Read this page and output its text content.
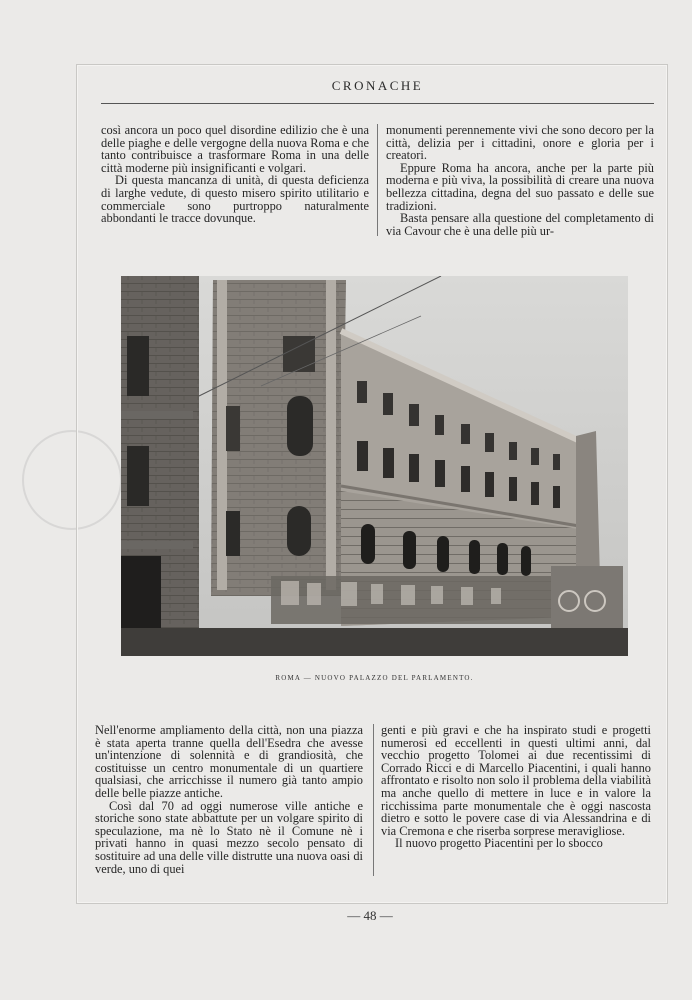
CRONACHE

così ancora un poco quel disordine edilizio che è una delle piaghe e delle vergogne della nuova Roma e che tanto contribuisce a trasformare Roma in una delle città moderne più insignificanti e volgari.

Di questa mancanza di unità, di questa deficienza di larghe vedute, di questo misero spirito utilitario e commerciale sono purtroppo naturalmente abbondanti le tracce dovunque.

monumenti perennemente vivi che sono decoro per la città, delizia per i cittadini, onore e gloria per i creatori.

Eppure Roma ha ancora, anche per la parte più moderna e più viva, la possibilità di creare una nuova bellezza cittadina, degna del suo passato e delle sue tradizioni.

Basta pensare alla questione del completamento di via Cavour che è una delle più ur-

ROMA — NUOVO PALAZZO DEL PARLAMENTO.

Nell'enorme ampliamento della città, non una piazza è stata aperta tranne quella dell'Esedra che avesse un'intenzione di solennità e di grandiosità, che costituisse un centro monumentale di un quartiere qualsiasi, che arricchisse il numero già tanto ampio delle belle piazze antiche.

Così dal 70 ad oggi numerose ville antiche e storiche sono state abbattute per un volgare spirito di speculazione, ma nè lo Stato nè il Comune nè i privati hanno in quasi mezzo secolo pensato di sostituire ad una delle ville distrutte una nuova oasi di verde, uno di quei

genti e più gravi e che ha inspirato studi e progetti numerosi ed eccellenti in questi ultimi anni, dal vecchio progetto Tolomei ai due recentissimi di Corrado Ricci e di Marcello Piacentini, i quali hanno affrontato e risolto non solo il problema della viabilità ma anche quello di mettere in luce e in valore la ricchissima parte monumentale che è oggi nascosta dietro e sotto le povere case di via Alessandrina e di via Cremona e che riserba sorprese meravigliose.

Il nuovo progetto Piacentini per lo sbocco

— 48 —
